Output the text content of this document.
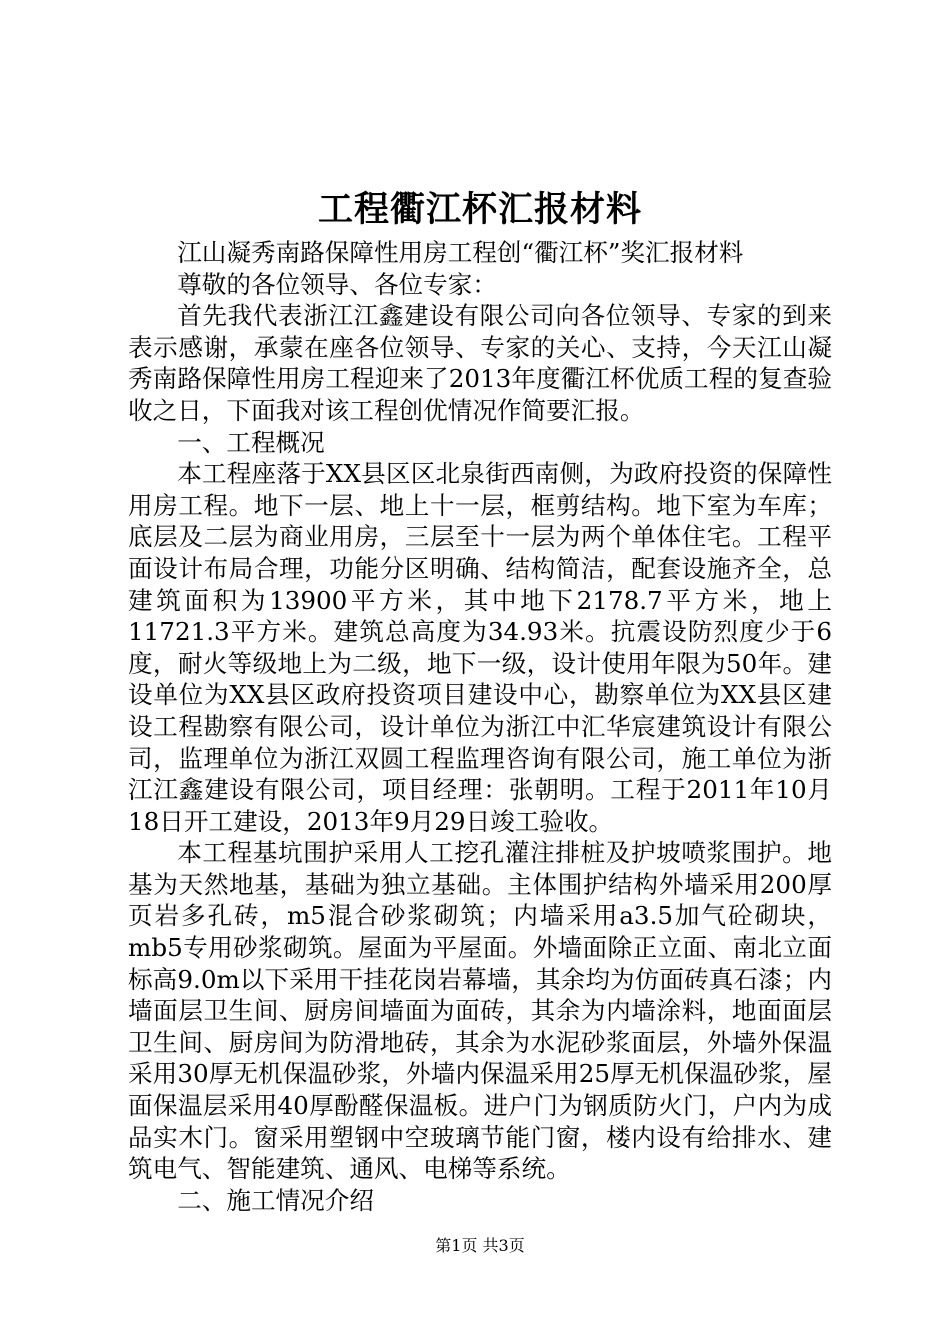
工程衢江杯汇报材料

江山凝秀南路保障性用房工程创“衢江杯”奖汇报材料

尊敬的各位领导、各位专家：

首先我代表浙江江鑫建设有限公司向各位领导、专家的到来表示感谢，承蒙在座各位领导、专家的关心、支持，今天江山凝秀南路保障性用房工程迎来了2013年度衢江杯优质工程的复查验收之日，下面我对该工程创优情况作简要汇报。

一、工程概况

本工程座落于XX县区区北泉街西南侧，为政府投资的保障性用房工程。地下一层、地上十一层，框剪结构。地下室为车库；底层及二层为商业用房，三层至十一层为两个单体住宅。工程平面设计布局合理，功能分区明确、结构简洁，配套设施齐全，总建筑面积为13900平方米，其中地下2178.7平方米，地上11721.3平方米。建筑总高度为34.93米。抗震设防烈度少于6度，耐火等级地上为二级，地下一级，设计使用年限为50年。建设单位为XX县区政府投资项目建设中心，勘察单位为XX县区建设工程勘察有限公司，设计单位为浙江中汇华宸建筑设计有限公司，监理单位为浙江双圆工程监理咨询有限公司，施工单位为浙江江鑫建设有限公司，项目经理：张朝明。工程于2011年10月18日开工建设，2013年9月29日竣工验收。

本工程基坑围护采用人工挖孔灌注排桩及护坡喷浆围护。地基为天然地基，基础为独立基础。主体围护结构外墙采用200厚页岩多孔砖，m5混合砂浆砌筑；内墙采用a3.5加气砼砌块，mb5专用砂浆砌筑。屋面为平屋面。外墙面除正立面、南北立面标高9.0m以下采用干挂花岗岩幕墙，其余均为仿面砖真石漆；内墙面层卫生间、厨房间墙面为面砖，其余为内墙涂料，地面面层卫生间、厨房间为防滑地砖，其余为水泥砂浆面层，外墙外保温采用30厚无机保温砂浆，外墙内保温采用25厚无机保温砂浆，屋面保温层采用40厚酚醛保温板。进户门为钢质防火门，户内为成品实木门。窗采用塑钢中空玻璃节能门窗，楼内设有给排水、建筑电气、智能建筑、通风、电梯等系统。

二、施工情况介绍

第1页 共3页
